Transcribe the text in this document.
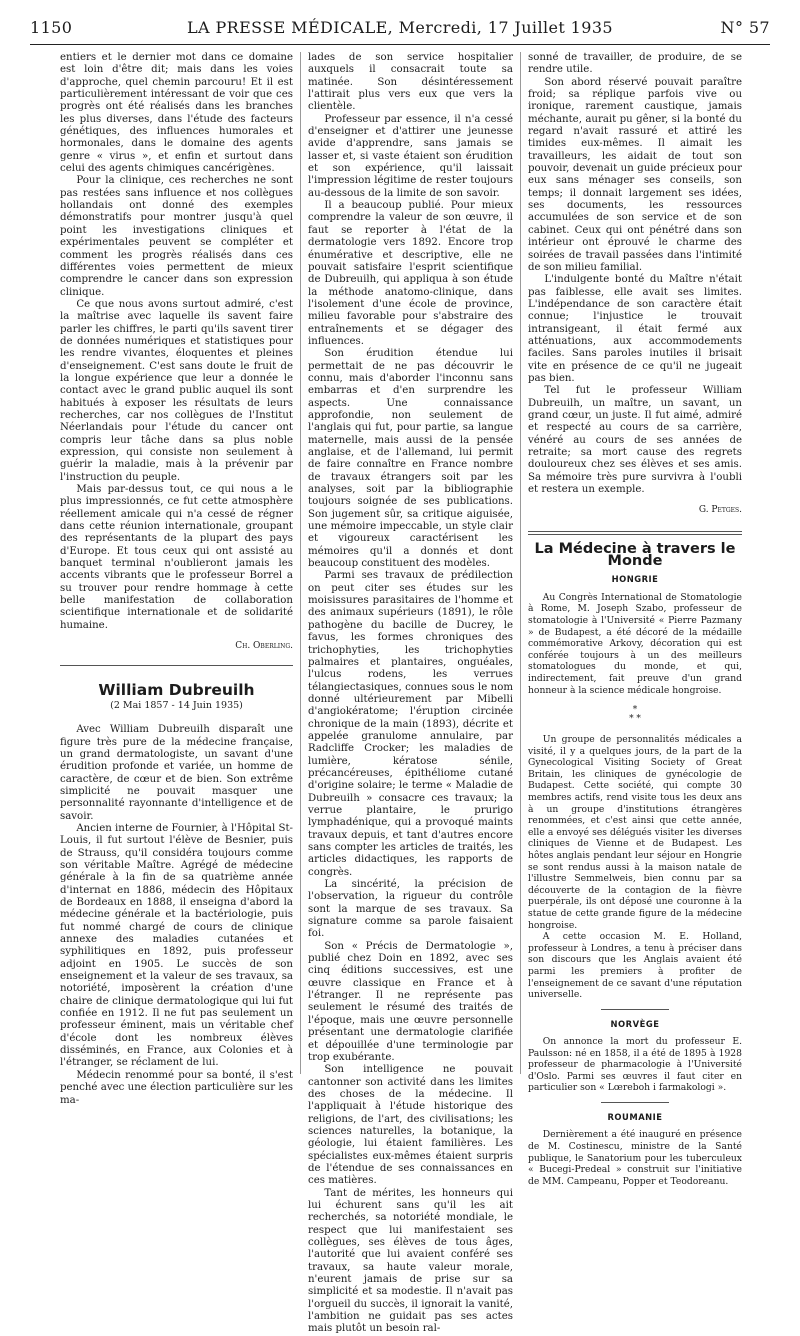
1150	LA PRESSE MÉDICALE, Mercredi, 17 Juillet 1935	N° 57

entiers et le dernier mot dans ce domaine est loin d'être dit; mais dans les voies d'approche, quel chemin parcouru! Et il est particulièrement intéressant de voir que ces progrès ont été réalisés dans les branches les plus diverses, dans l'étude des facteurs génétiques, des influences humorales et hormonales, dans le domaine des agents genre « virus », et enfin et surtout dans celui des agents chimiques cancérigènes.

Pour la clinique, ces recherches ne sont pas restées sans influence et nos collègues hollandais ont donné des exemples démonstratifs pour montrer jusqu'à quel point les investigations cliniques et expérimentales peuvent se compléter et comment les progrès réalisés dans ces différentes voies permettent de mieux comprendre le cancer dans son expression clinique.

Ce que nous avons surtout admiré, c'est la maîtrise avec laquelle ils savent faire parler les chiffres, le parti qu'ils savent tirer de données numériques et statistiques pour les rendre vivantes, éloquentes et pleines d'enseignement. C'est sans doute le fruit de la longue expérience que leur a donnée le contact avec le grand public auquel ils sont habitués à exposer les résultats de leurs recherches, car nos collègues de l'Institut Néerlandais pour l'étude du cancer ont compris leur tâche dans sa plus noble expression, qui consiste non seulement à guérir la maladie, mais à la prévenir par l'instruction du peuple.

Mais par-dessus tout, ce qui nous a le plus impressionnés, ce fut cette atmosphère réellement amicale qui n'a cessé de régner dans cette réunion internationale, groupant des représentants de la plupart des pays d'Europe. Et tous ceux qui ont assisté au banquet terminal n'oublieront jamais les accents vibrants que le professeur Borrel a su trouver pour rendre hommage à cette belle manifestation de collaboration scientifique internationale et de solidarité humaine.

Ch. Oberling.
William Dubreuilh
(2 Mai 1857 - 14 Juin 1935)

Avec William Dubreuilh disparaît une figure très pure de la médecine française, un grand dermatologiste, un savant d'une érudition profonde et variée, un homme de caractère, de cœur et de bien. Son extrême simplicité ne pouvait masquer une personnalité rayonnante d'intelligence et de savoir.

Ancien interne de Fournier, à l'Hôpital St-Louis, il fut surtout l'élève de Besnier, puis de Strauss, qu'il considéra toujours comme son véritable Maître. Agrégé de médecine générale à la fin de sa quatrième année d'internat en 1886, médecin des Hôpitaux de Bordeaux en 1888, il enseigna d'abord la médecine générale et la bactériologie, puis fut nommé chargé de cours de clinique annexe des maladies cutanées et syphilitiques en 1892, puis professeur adjoint en 1905. Le succès de son enseignement et la valeur de ses travaux, sa notoriété, imposèrent la création d'une chaire de clinique dermatologique qui lui fut confiée en 1912. Il ne fut pas seulement un professeur éminent, mais un véritable chef d'école dont les nombreux élèves disséminés, en France, aux Colonies et à l'étranger, se réclament de lui.

Médecin renommé pour sa bonté, il s'est penché avec une élection particulière sur les ma-

lades de son service hospitalier auxquels il consacrait toute sa matinée. Son désintéressement l'attirait plus vers eux que vers la clientèle.

Professeur par essence, il n'a cessé d'enseigner et d'attirer une jeunesse avide d'apprendre, sans jamais se lasser et, si vaste étaient son érudition et son expérience, qu'il laissait l'impression légitime de rester toujours au-dessous de la limite de son savoir.

Il a beaucoup publié. Pour mieux comprendre la valeur de son œuvre, il faut se reporter à l'état de la dermatologie vers 1892. Encore trop énumérative et descriptive, elle ne pouvait satisfaire l'esprit scientifique de Dubreuilh, qui appliqua à son étude la méthode anatomo-clinique, dans l'isolement d'une école de province, milieu favorable pour s'abstraire des entraînements et se dégager des influences.

Son érudition étendue lui permettait de ne pas découvrir le connu, mais d'aborder l'inconnu sans embarras et d'en surprendre les aspects. Une connaissance approfondie, non seulement de l'anglais qui fut, pour partie, sa langue maternelle, mais aussi de la pensée anglaise, et de l'allemand, lui permit de faire connaître en France nombre de travaux étrangers soit par les analyses, soit par la bibliographie toujours soignée de ses publications. Son jugement sûr, sa critique aiguisée, une mémoire impeccable, un style clair et vigoureux caractérisent les mémoires qu'il a donnés et dont beaucoup constituent des modèles.

Parmi ses travaux de prédilection on peut citer ses études sur les moisissures parasitaires de l'homme et des animaux supérieurs (1891), le rôle pathogène du bacille de Ducrey, le favus, les formes chroniques des trichophyties, les trichophyties palmaires et plantaires, onguéales, l'ulcus rodens, les verrues télangiectasiques, connues sous le nom donné ultérieurement par Mibelli d'angiokératome; l'éruption circinée chronique de la main (1893), décrite et appelée granulome annulaire, par Radcliffe Crocker; les maladies de lumière, kératose sénile, précancéreuses, épithéliome cutané d'origine solaire; le terme « Maladie de Dubreuilh » consacre ces travaux; la verrue plantaire, le prurigo lymphadénique, qui a provoqué maints travaux depuis, et tant d'autres encore sans compter les articles de traités, les articles didactiques, les rapports de congrès.

La sincérité, la précision de l'observation, la rigueur du contrôle sont la marque de ses travaux. Sa signature comme sa parole faisaient foi.

Son « Précis de Dermatologie », publié chez Doin en 1892, avec ses cinq éditions successives, est une œuvre classique en France et à l'étranger. Il ne représente pas seulement le résumé des traités de l'époque, mais une œuvre personnelle présentant une dermatologie clarifiée et dépouillée d'une terminologie par trop exubérante.

Son intelligence ne pouvait cantonner son activité dans les limites des choses de la médecine. Il l'appliquait à l'étude historique des religions, de l'art, des civilisations; les sciences naturelles, la botanique, la géologie, lui étaient familières. Les spécialistes eux-mêmes étaient surpris de l'étendue de ses connaissances en ces matières.

Tant de mérites, les honneurs qui lui échurent sans qu'il les ait recherchés, sa notoriété mondiale, le respect que lui manifestaient ses collègues, ses élèves de tous âges, l'autorité que lui avaient conféré ses travaux, sa haute valeur morale, n'eurent jamais de prise sur sa simplicité et sa modestie. Il n'avait pas l'orgueil du succès, il ignorait la vanité, l'ambition ne guidait pas ses actes mais plutôt un besoin ral-

sonné de travailler, de produire, de se rendre utile.

Son abord réservé pouvait paraître froid; sa réplique parfois vive ou ironique, rarement caustique, jamais méchante, aurait pu gêner, si la bonté du regard n'avait rassuré et attiré les timides eux-mêmes. Il aimait les travailleurs, les aidait de tout son pouvoir, devenait un guide précieux pour eux sans ménager ses conseils, son temps; il donnait largement ses idées, ses documents, les ressources accumulées de son service et de son cabinet. Ceux qui ont pénétré dans son intérieur ont éprouvé le charme des soirées de travail passées dans l'intimité de son milieu familial.

L'indulgente bonté du Maître n'était pas faiblesse, elle avait ses limites. L'indépendance de son caractère était connue; l'injustice le trouvait intransigeant, il était fermé aux atténuations, aux accommodements faciles. Sans paroles inutiles il brisait vite en présence de ce qu'il ne jugeait pas bien.

Tel fut le professeur William Dubreuilh, un maître, un savant, un grand cœur, un juste. Il fut aimé, admiré et respecté au cours de sa carrière, vénéré au cours de ses années de retraite; sa mort cause des regrets douloureux chez ses élèves et ses amis. Sa mémoire très pure survivra à l'oubli et restera un exemple.

G. Petges.
La Médecine à travers le Monde
HONGRIE

Au Congrès International de Stomatologie à Rome, M. Joseph Szabo, professeur de stomatologie à l'Université « Pierre Pazmany » de Budapest, a été décoré de la médaille commémorative Arkovy, décoration qui est conférée toujours à un des meilleurs stomatologues du monde, et qui, indirectement, fait preuve d'un grand honneur à la science médicale hongroise.

*
* *

Un groupe de personnalités médicales a visité, il y a quelques jours, de la part de la Gynecological Visiting Society of Great Britain, les cliniques de gynécologie de Budapest. Cette société, qui compte 30 membres actifs, rend visite tous les deux ans à un groupe d'institutions étrangères renommées, et c'est ainsi que cette année, elle a envoyé ses délégués visiter les diverses cliniques de Vienne et de Budapest. Les hôtes anglais pendant leur séjour en Hongrie se sont rendus aussi à la maison natale de l'illustre Semmelweis, bien connu par sa découverte de la contagion de la fièvre puerpérale, ils ont déposé une couronne à la statue de cette grande figure de la médecine hongroise.

A cette occasion M. E. Holland, professeur à Londres, a tenu à préciser dans son discours que les Anglais avaient été parmi les premiers à profiter de l'enseignement de ce savant d'une réputation universelle.

NORVÈGE

On annonce la mort du professeur E. Paulsson: né en 1858, il a été de 1895 à 1928 professeur de pharmacologie à l'Université d'Oslo. Parmi ses œuvres il faut citer en particulier son « Lœreboh i farmakologi ».

ROUMANIE

Dernièrement a été inauguré en présence de M. Costinescu, ministre de la Santé publique, le Sanatorium pour les tuberculeux « Bucegi-Predeal » construit sur l'initiative de MM. Campeanu, Popper et Teodoreanu.
